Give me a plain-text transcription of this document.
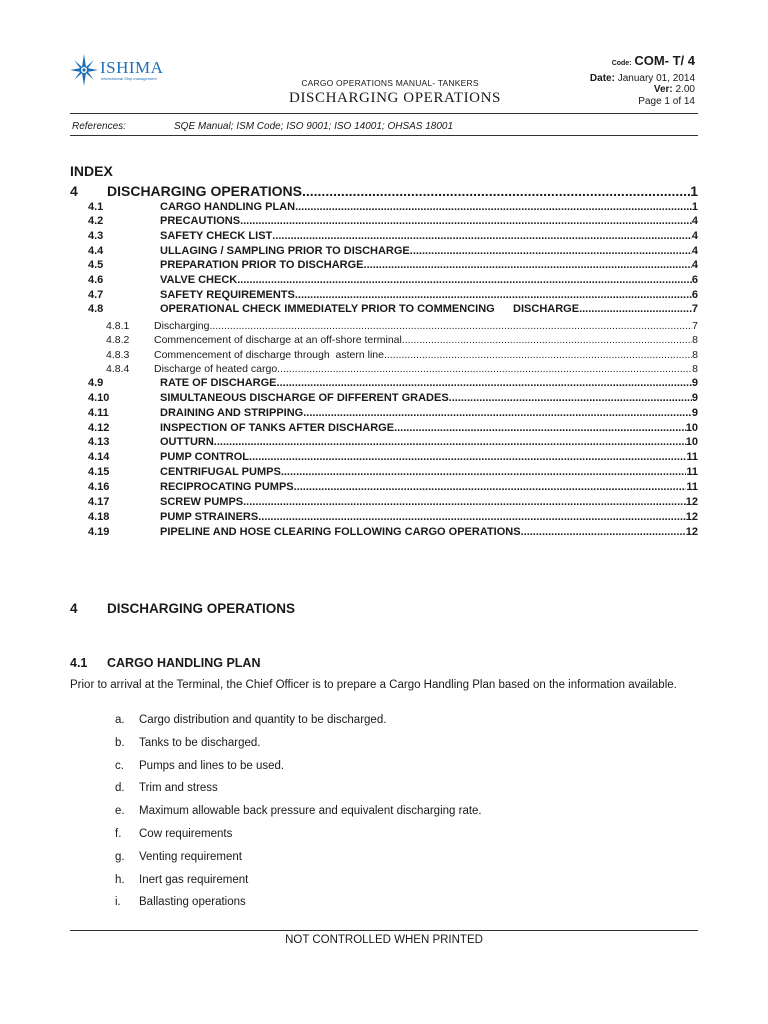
ISHIMA
International Ship management	CARGO OPERATIONS MANUAL- TANKERS
DISCHARGING OPERATIONS
Code: COM- T/ 4
Date: January 01, 2014
Ver: 2.00
Page 1 of 14
References:	SQE Manual; ISM Code; ISO 9001; ISO 14001; OHSAS 18001
INDEX
4	DISCHARGING OPERATIONS .....	1
4.1	CARGO HANDLING PLAN .....	1
4.2	PRECAUTIONS .....	4
4.3	SAFETY CHECK LIST .....	4
4.4	ULLAGING / SAMPLING PRIOR TO DISCHARGE .....	4
4.5	PREPARATION PRIOR TO DISCHARGE .....	4
4.6	VALVE CHECK .....	6
4.7	SAFETY REQUIREMENTS .....	6
4.8	OPERATIONAL CHECK IMMEDIATELY PRIOR TO COMMENCING      DISCHARGE .....	7
4.8.1	Discharging .....	7
4.8.2	Commencement of discharge at an off-shore terminal .....	8
4.8.3	Commencement of discharge through  astern line .....	8
4.8.4	Discharge of heated cargo .....	8
4.9	RATE OF DISCHARGE .....	9
4.10	SIMULTANEOUS DISCHARGE OF DIFFERENT GRADES .....	9
4.11	DRAINING AND STRIPPING .....	9
4.12	INSPECTION OF TANKS AFTER DISCHARGE .....	10
4.13	OUTTURN .....	10
4.14	PUMP CONTROL .....	11
4.15	CENTRIFUGAL PUMPS .....	11
4.16	RECIPROCATING PUMPS .....	11
4.17	SCREW PUMPS .....	12
4.18	PUMP STRAINERS .....	12
4.19	PIPELINE AND HOSE CLEARING FOLLOWING CARGO OPERATIONS .....	12
4 DISCHARGING OPERATIONS
4.1 CARGO HANDLING PLAN
Prior to arrival at the Terminal, the Chief Officer is to prepare a Cargo Handling Plan based on the information available.
a. Cargo distribution and quantity to be discharged.
b. Tanks to be discharged.
c. Pumps and lines to be used.
d. Trim and stress
e. Maximum allowable back pressure and equivalent discharging rate.
f. Cow requirements
g. Venting requirement
h. Inert gas requirement
i. Ballasting operations
NOT CONTROLLED WHEN PRINTED
